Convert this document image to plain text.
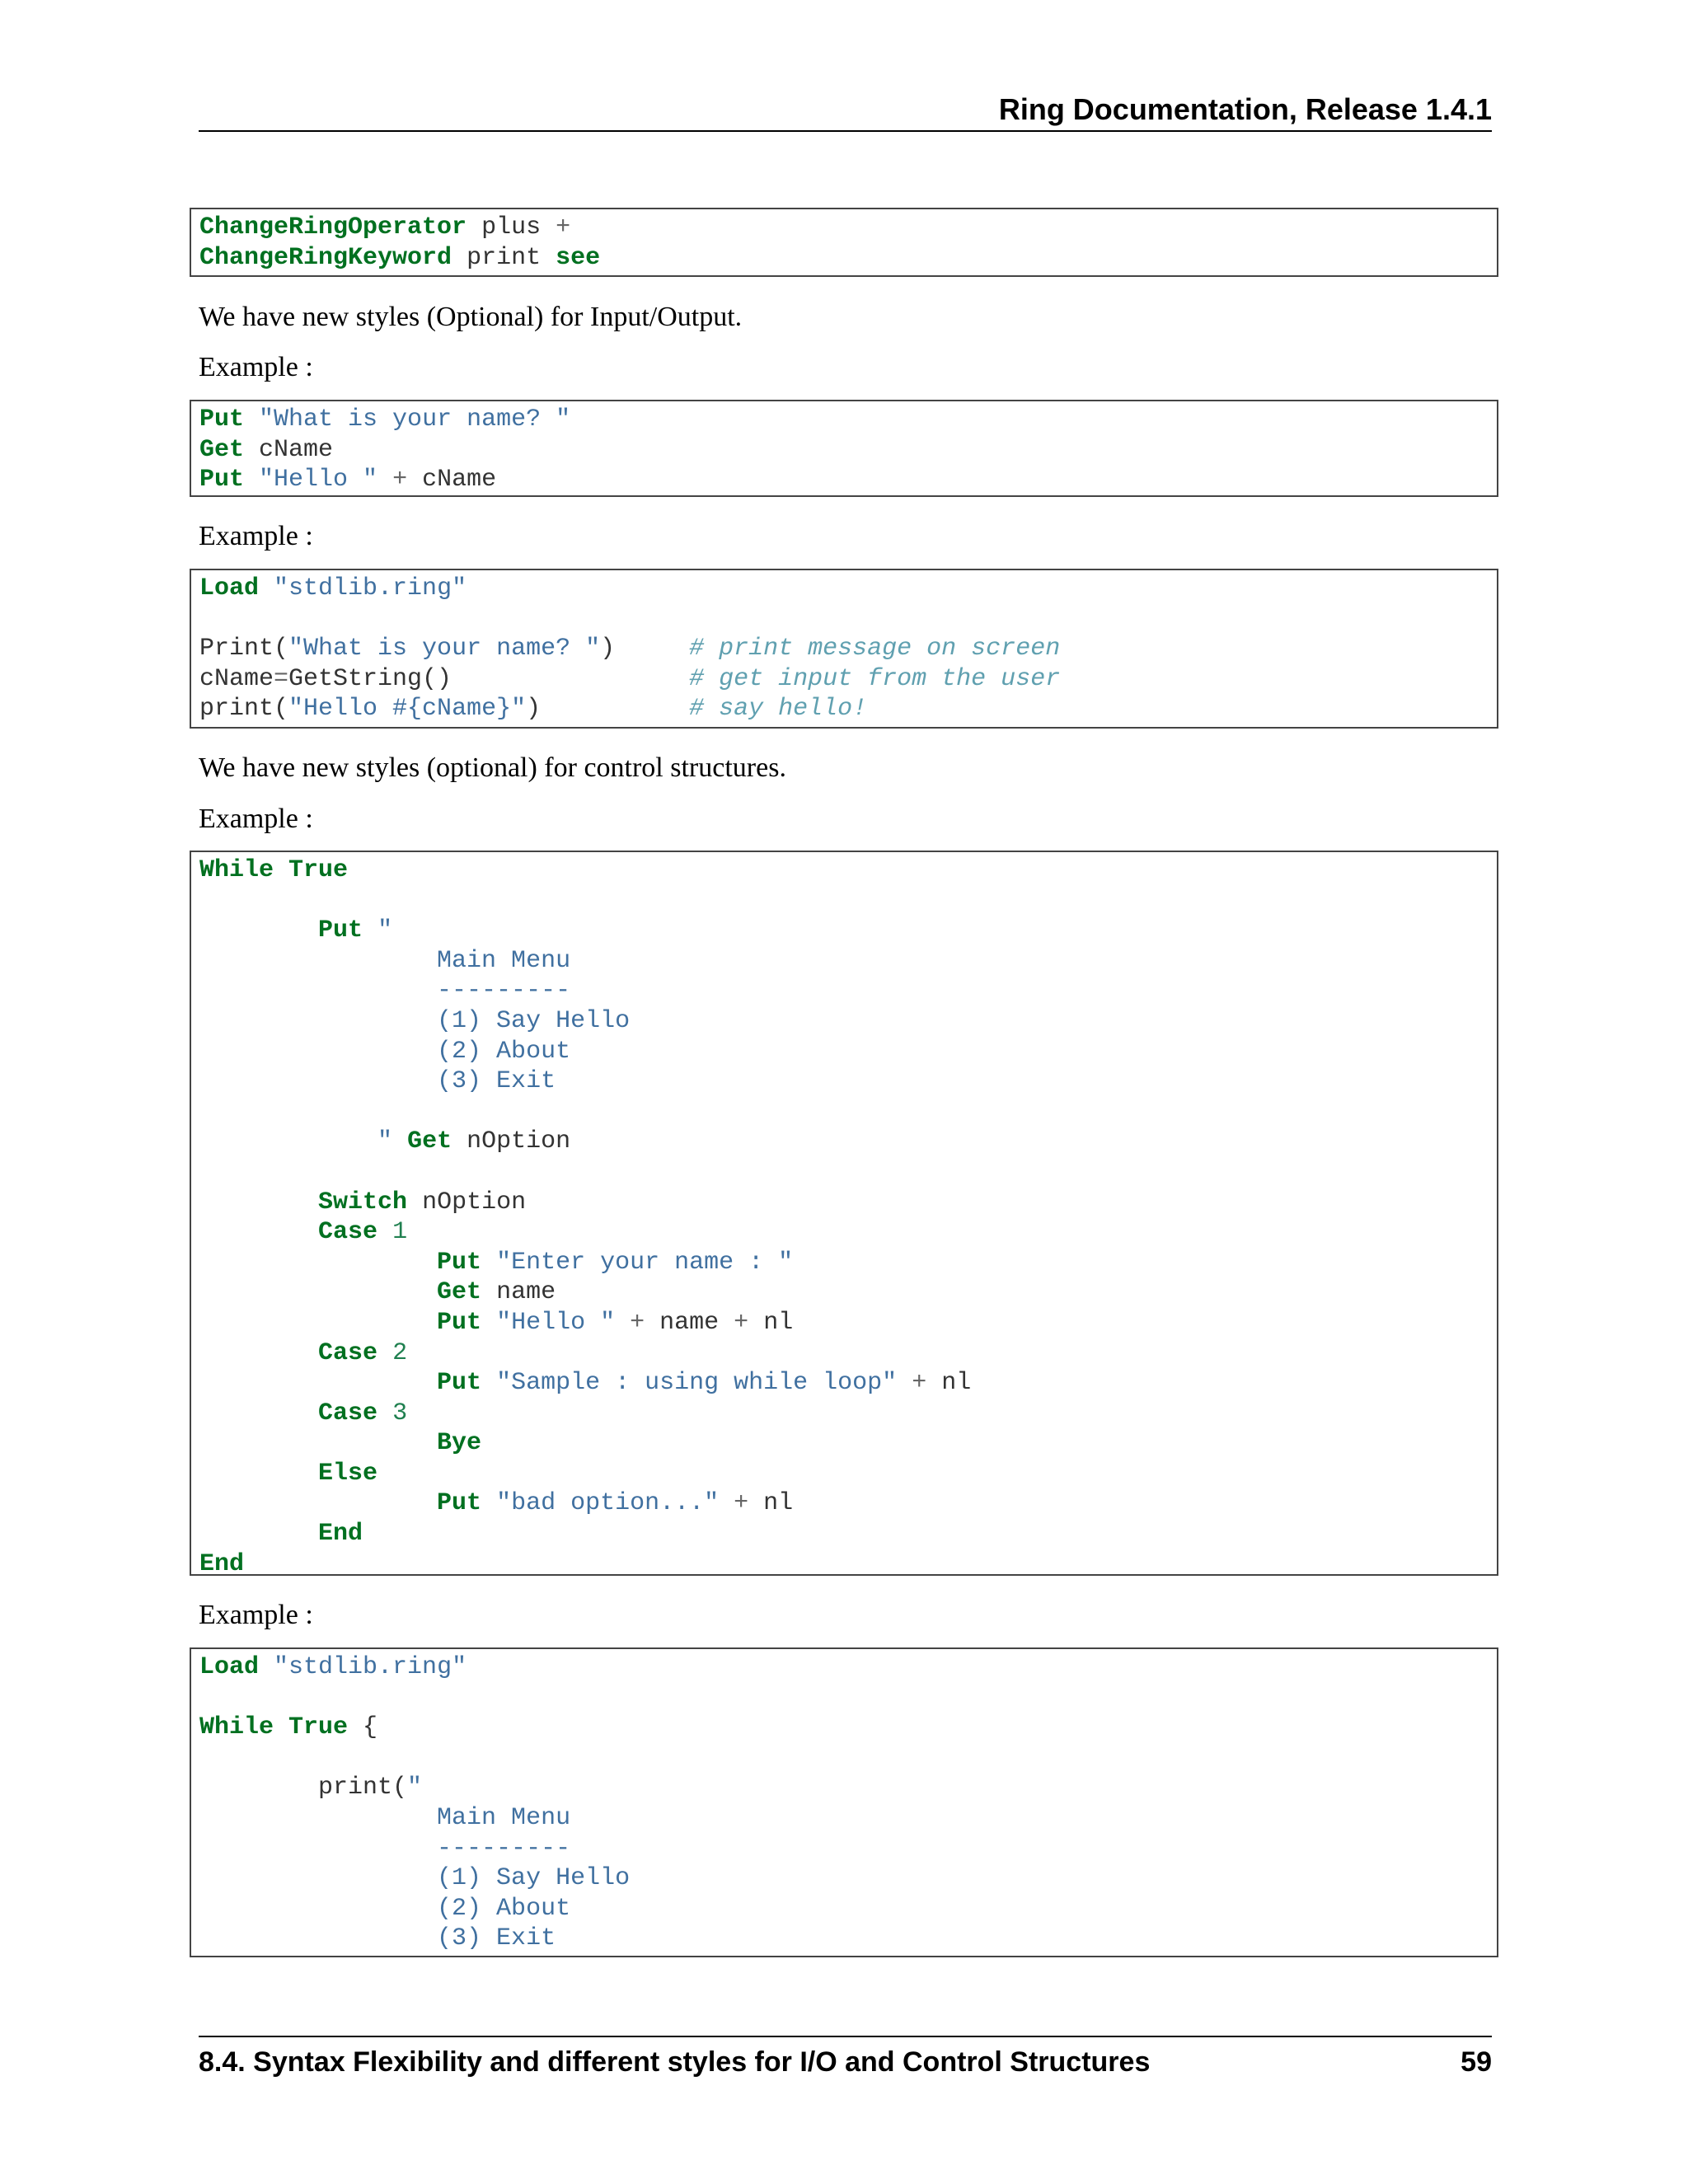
Ring Documentation, Release 1.4.1
ChangeRingOperator plus +
ChangeRingKeyword print see
We have new styles (Optional) for Input/Output.
Example :
Put "What is your name? "
Get cName
Put "Hello " + cName
Example :
Load "stdlib.ring"

Print("What is your name? ")     # print message on screen
cName=GetString()                # get input from the user
print("Hello #{cName}")          # say hello!
We have new styles (optional) for control structures.
Example :
While True

Put "
Main Menu
---------
(1) Say Hello
(2) About
(3) Exit

" Get nOption

Switch nOption
Case 1
Put "Enter your name : "
Get name
Put "Hello " + name + nl
Case 2
Put "Sample : using while loop" + nl
Case 3
Bye
Else
Put "bad option..." + nl
End
End
Example :
Load "stdlib.ring"

While True {

print("
Main Menu
---------
(1) Say Hello
(2) About
(3) Exit
8.4. Syntax Flexibility and different styles for I/O and Control Structures	59
